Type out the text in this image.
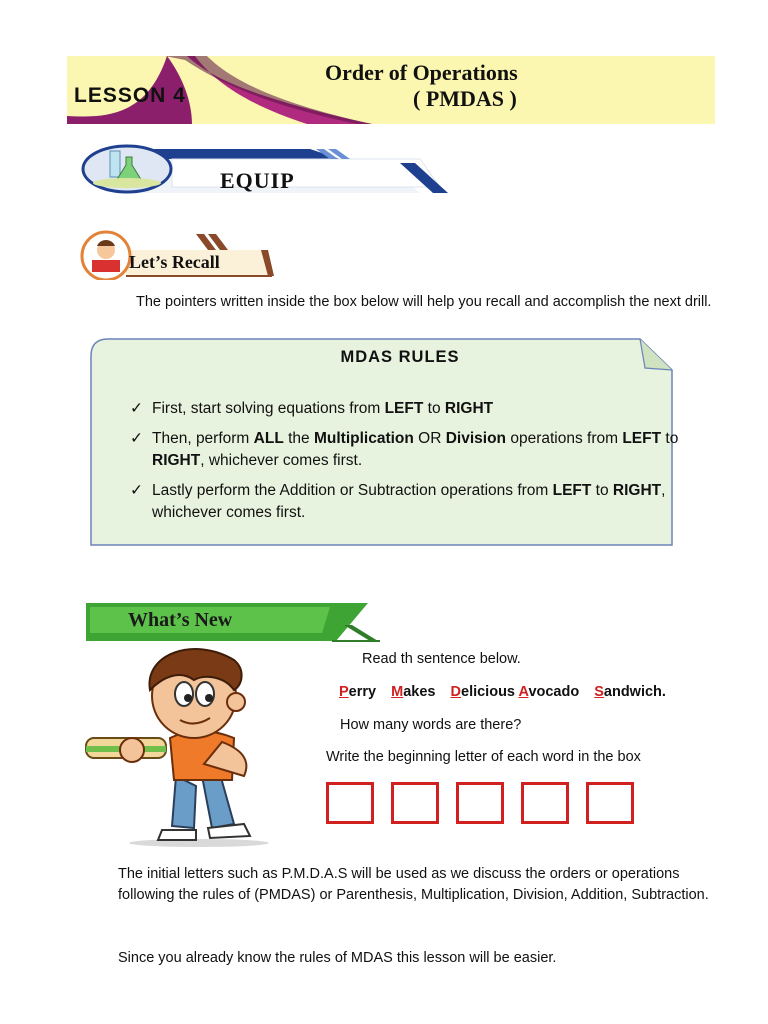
LESSON 4
Order of Operations
( PMDAS )
EQUIP
Let’s Recall
The pointers written inside the box below will help you recall and accomplish the next drill.
MDAS RULES
✓ First, start solving equations from LEFT to RIGHT
✓ Then, perform ALL the Multiplication OR Division operations from LEFT to RIGHT, whichever comes first.
✓ Lastly perform the Addition or Subtraction operations from LEFT to RIGHT, whichever comes first.
What’s New
Read th sentence below.
Perry Makes Delicious Avocado Sandwich.
How many words are there?
Write the beginning letter of each word in the box
The initial letters such as P.M.D.A.S will be used as we discuss the orders or operations following the rules of (PMDAS) or Parenthesis, Multiplication, Division, Addition, Subtraction.
Since you already know the rules of MDAS this lesson will be easier.
